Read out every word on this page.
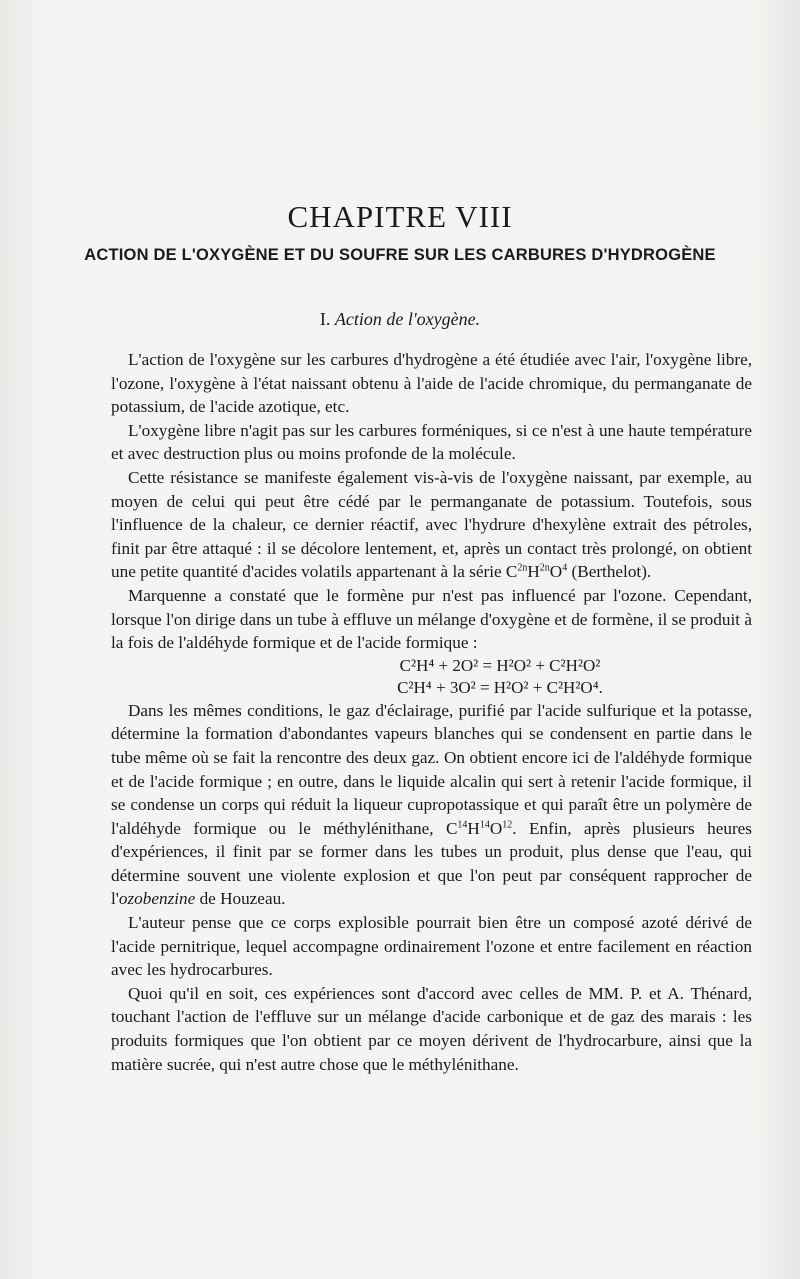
CHAPITRE VIII
ACTION DE L'OXYGÈNE ET DU SOUFRE SUR LES CARBURES D'HYDROGÈNE
I. Action de l'oxygène.

L'action de l'oxygène sur les carbures d'hydrogène a été étudiée avec l'air, l'oxygène libre, l'ozone, l'oxygène à l'état naissant obtenu à l'aide de l'acide chromique, du permanganate de potassium, de l'acide azotique, etc.

L'oxygène libre n'agit pas sur les carbures forméniques, si ce n'est à une haute température et avec destruction plus ou moins profonde de la molécule.

Cette résistance se manifeste également vis-à-vis de l'oxygène naissant, par exemple, au moyen de celui qui peut être cédé par le permanganate de potassium. Toutefois, sous l'influence de la chaleur, ce dernier réactif, avec l'hydrure d'hexylène extrait des pétroles, finit par être attaqué : il se décolore lentement, et, après un contact très prolongé, on obtient une petite quantité d'acides volatils appartenant à la série $C^{2n}H^{2n}O^4$ (Berthelot).

Marquenne a constaté que le formène pur n'est pas influencé par l'ozone. Cependant, lorsque l'on dirige dans un tube à effluve un mélange d'oxygène et de formène, il se produit à la fois de l'aldéhyde formique et de l'acide formique :

C²H⁴ + 2O² = H²O² + C²H²O²

C²H⁴ + 3O² = H²O² + C²H²O⁴.

Dans les mêmes conditions, le gaz d'éclairage, purifié par l'acide sulfurique et la potasse, détermine la formation d'abondantes vapeurs blanches qui se condensent en partie dans le tube même où se fait la rencontre des deux gaz. On obtient encore ici de l'aldéhyde formique et de l'acide formique ; en outre, dans le liquide alcalin qui sert à retenir l'acide formique, il se condense un corps qui réduit la liqueur cupropotassique et qui paraît être un polymère de l'aldéhyde formique ou le méthylénithane, $C^{14}H^{14}O^{12}$. Enfin, après plusieurs heures d'expériences, il finit par se former dans les tubes un produit, plus dense que l'eau, qui détermine souvent une violente explosion et que l'on peut par conséquent rapprocher de l'ozobenzine de Houzeau.

L'auteur pense que ce corps explosible pourrait bien être un composé azoté dérivé de l'acide pernitrique, lequel accompagne ordinairement l'ozone et entre facilement en réaction avec les hydrocarbures.

Quoi qu'il en soit, ces expériences sont d'accord avec celles de MM. P. et A. Thénard, touchant l'action de l'effluve sur un mélange d'acide carbonique et de gaz des marais : les produits formiques que l'on obtient par ce moyen dérivent de l'hydrocarbure, ainsi que la matière sucrée, qui n'est autre chose que le méthylénithane.
